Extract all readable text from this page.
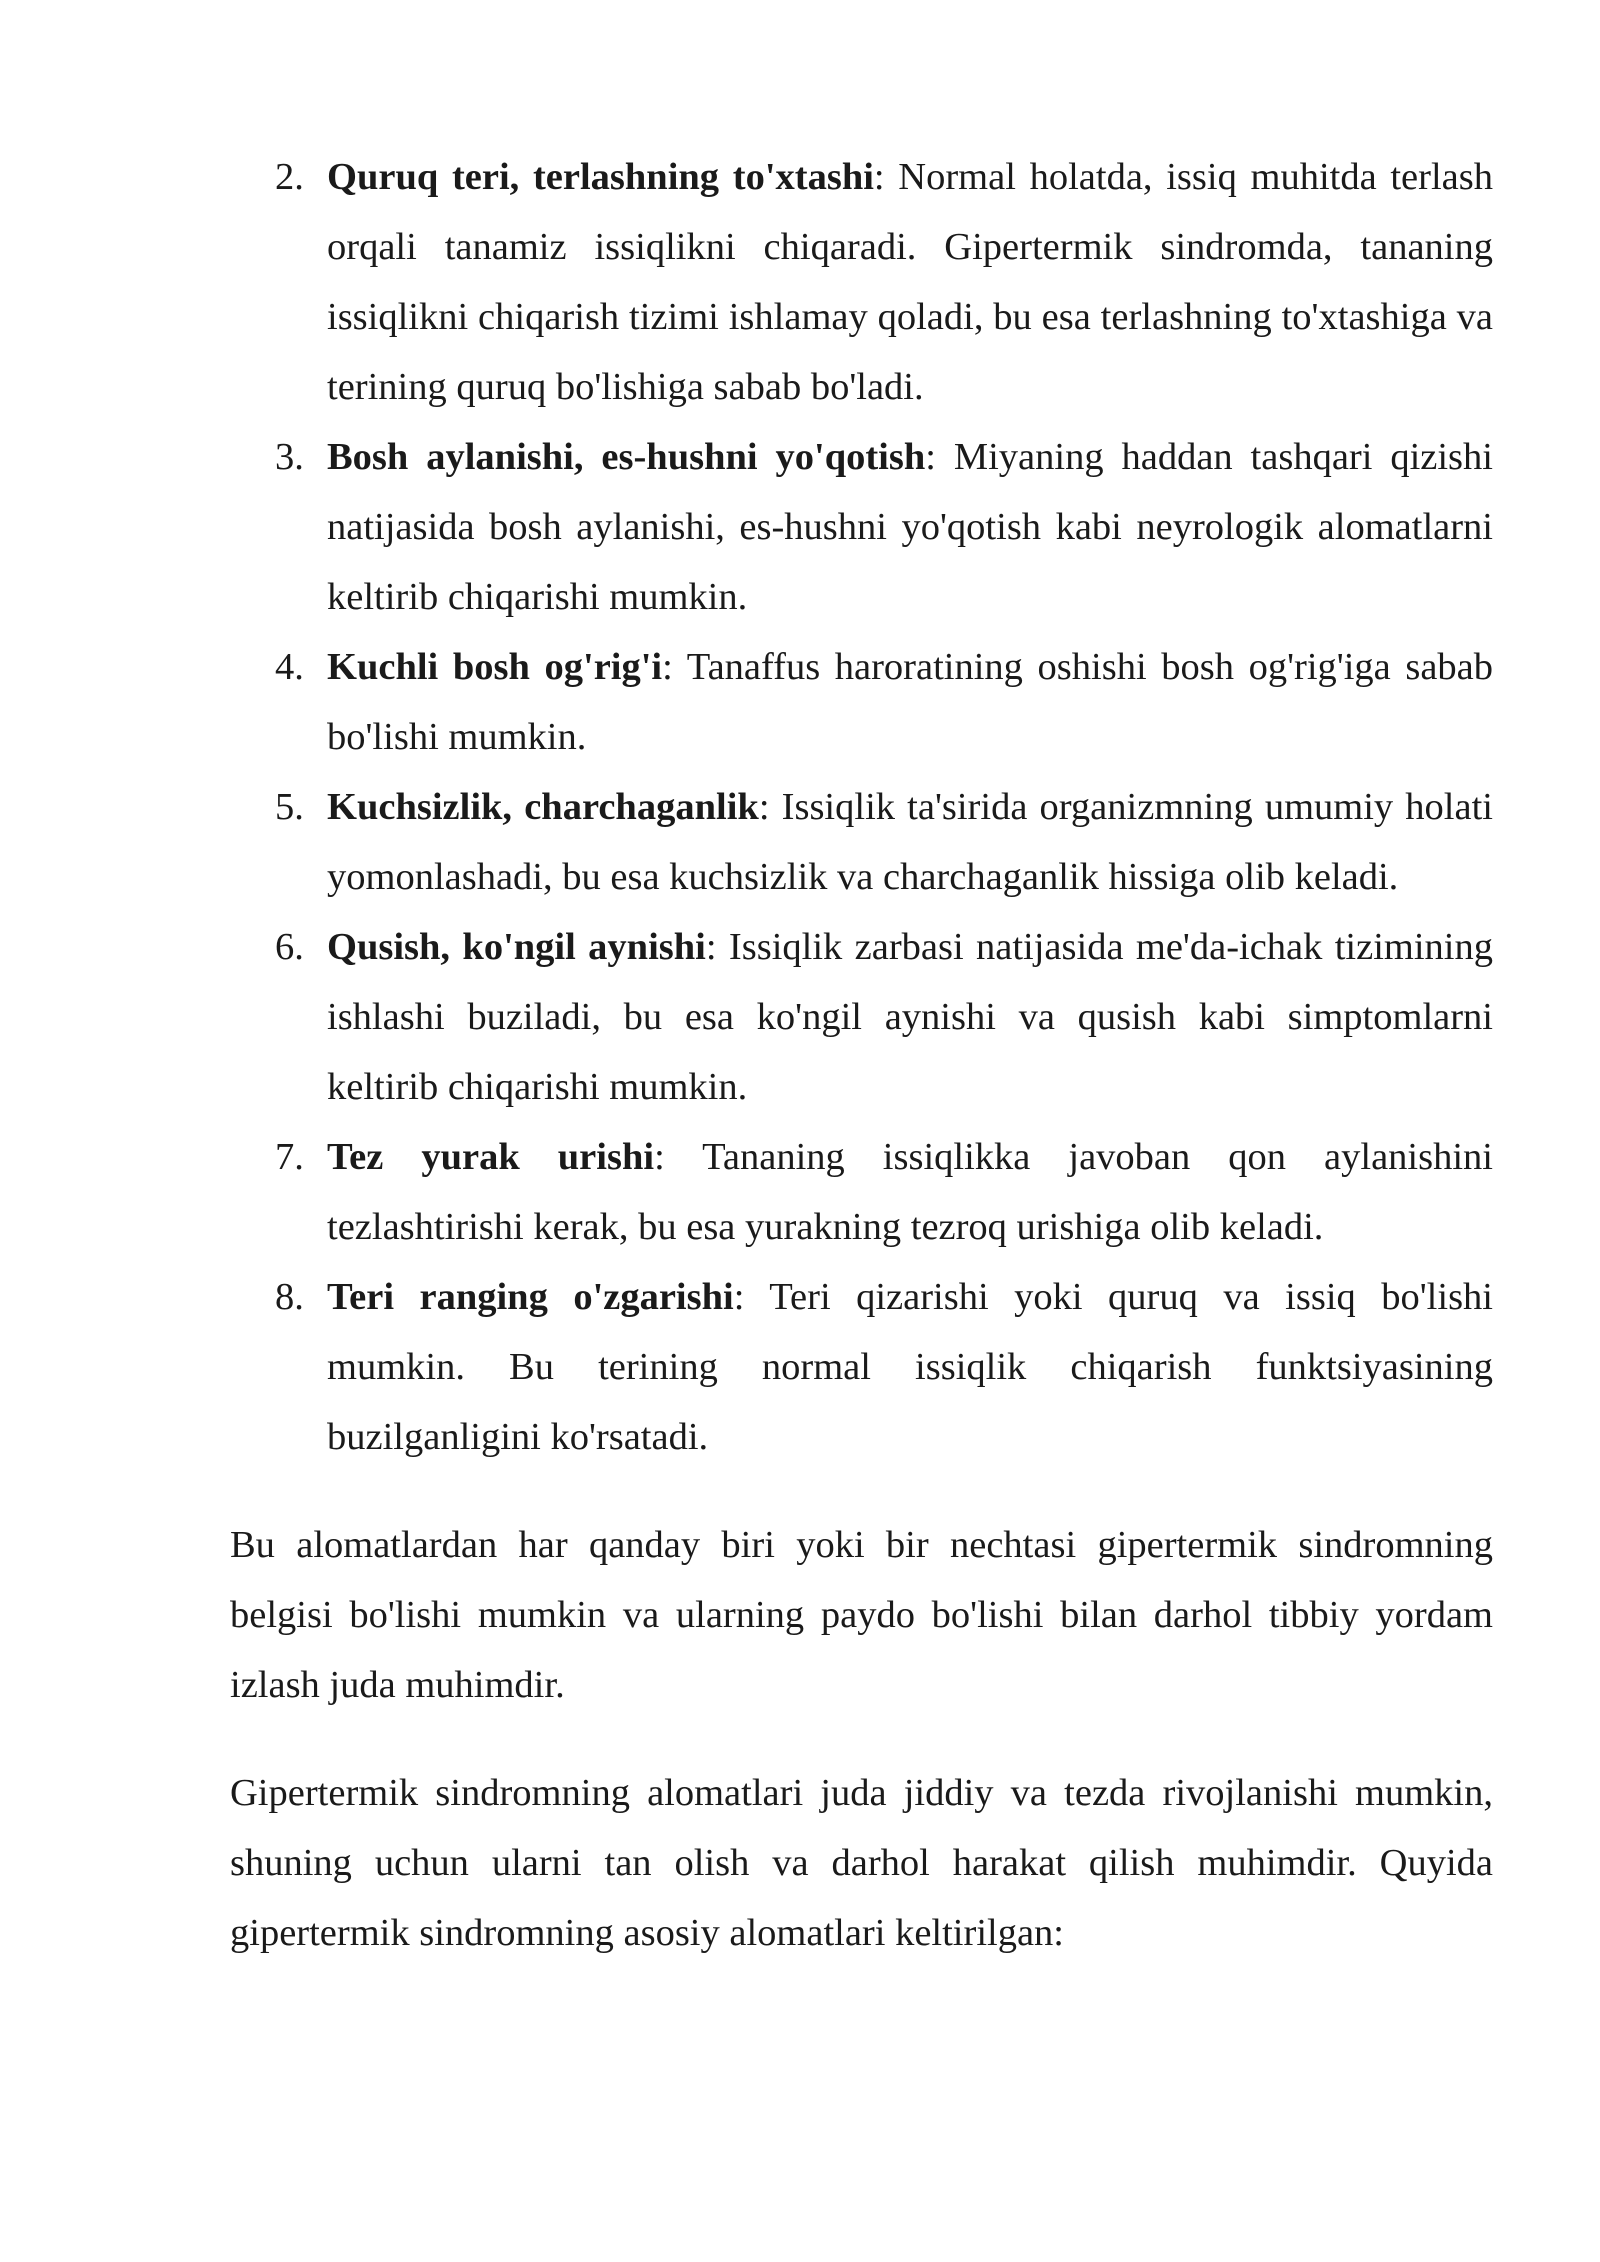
2. Quruq teri, terlashning to'xtashi: Normal holatda, issiq muhitda terlash orqali tanamiz issiqlikni chiqaradi. Gipertermik sindromda, tananing issiqlikni chiqarish tizimi ishlamay qoladi, bu esa terlashning to'xtashiga va terining quruq bo'lishiga sabab bo'ladi.
3. Bosh aylanishi, es-hushni yo'qotish: Miyaning haddan tashqari qizishi natijasida bosh aylanishi, es-hushni yo'qotish kabi neyrologik alomatlarni keltirib chiqarishi mumkin.
4. Kuchli bosh og'rig'i: Tanaffus haroratining oshishi bosh og'rig'iga sabab bo'lishi mumkin.
5. Kuchsizlik, charchaganlik: Issiqlik ta'sirida organizmning umumiy holati yomonlashadi, bu esa kuchsizlik va charchaganlik hissiga olib keladi.
6. Qusish, ko'ngil aynishi: Issiqlik zarbasi natijasida me'da-ichak tizimining ishlashi buziladi, bu esa ko'ngil aynishi va qusish kabi simptomlarni keltirib chiqarishi mumkin.
7. Tez yurak urishi: Tananing issiqlikka javoban qon aylanishini tezlashtirishi kerak, bu esa yurakning tezroq urishiga olib keladi.
8. Teri ranging o'zgarishi: Teri qizarishi yoki quruq va issiq bo'lishi mumkin. Bu terining normal issiqlik chiqarish funktsiyasining buzilganligini ko'rsatadi.

Bu alomatlardan har qanday biri yoki bir nechtasi gipertermik sindromning belgisi bo'lishi mumkin va ularning paydo bo'lishi bilan darhol tibbiy yordam izlash juda muhimdir.

Gipertermik sindromning alomatlari juda jiddiy va tezda rivojlanishi mumkin, shuning uchun ularni tan olish va darhol harakat qilish muhimdir. Quyida gipertermik sindromning asosiy alomatlari keltirilgan:
